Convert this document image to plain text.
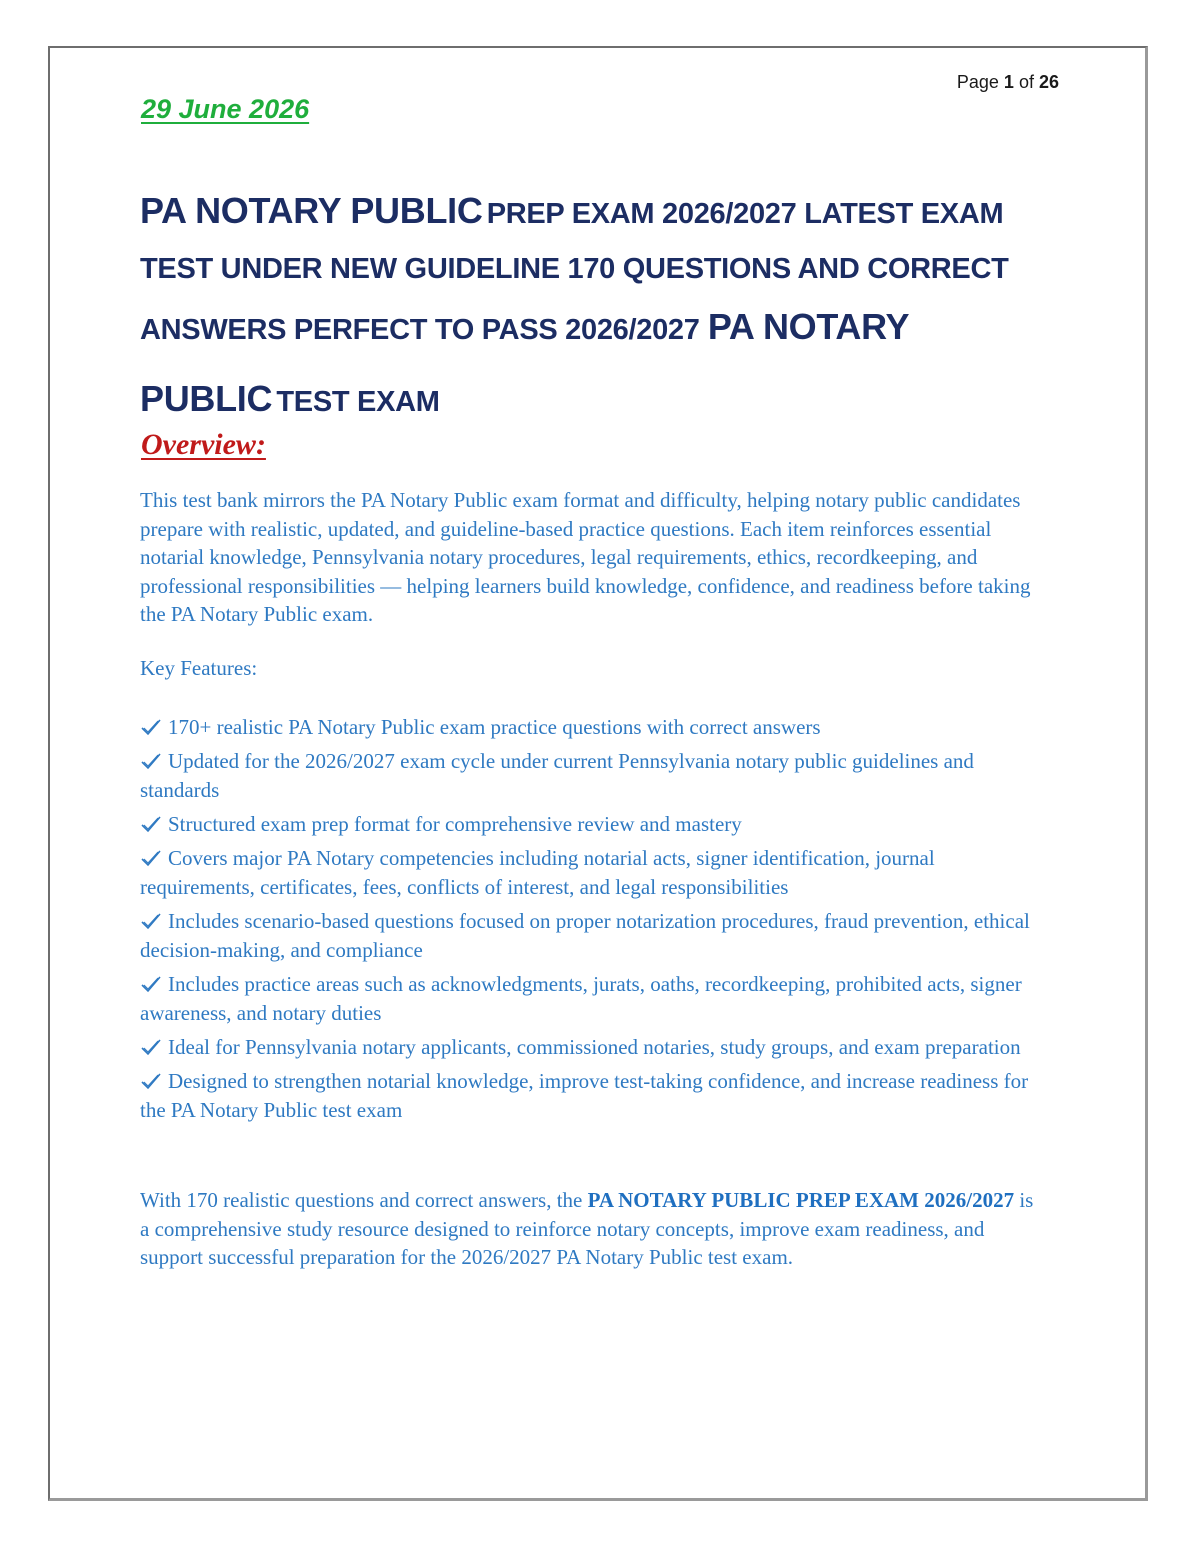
Page 1 of 26
29 June 2026
PA NOTARY PUBLIC PREP EXAM 2026/2027 LATEST EXAM
TEST UNDER NEW GUIDELINE 170 QUESTIONS AND CORRECT
ANSWERS PERFECT TO PASS 2026/2027 PA NOTARY
PUBLIC TEST EXAM
Overview:
This test bank mirrors the PA Notary Public exam format and difficulty, helping notary public candidates prepare with realistic, updated, and guideline-based practice questions. Each item reinforces essential notarial knowledge, Pennsylvania notary procedures, legal requirements, ethics, recordkeeping, and professional responsibilities — helping learners build knowledge, confidence, and readiness before taking the PA Notary Public exam.
Key Features:
170+ realistic PA Notary Public exam practice questions with correct answers
Updated for the 2026/2027 exam cycle under current Pennsylvania notary public guidelines and standards
Structured exam prep format for comprehensive review and mastery
Covers major PA Notary competencies including notarial acts, signer identification, journal requirements, certificates, fees, conflicts of interest, and legal responsibilities
Includes scenario-based questions focused on proper notarization procedures, fraud prevention, ethical decision-making, and compliance
Includes practice areas such as acknowledgments, jurats, oaths, recordkeeping, prohibited acts, signer awareness, and notary duties
Ideal for Pennsylvania notary applicants, commissioned notaries, study groups, and exam preparation
Designed to strengthen notarial knowledge, improve test-taking confidence, and increase readiness for the PA Notary Public test exam
With 170 realistic questions and correct answers, the PA NOTARY PUBLIC PREP EXAM 2026/2027 is a comprehensive study resource designed to reinforce notary concepts, improve exam readiness, and support successful preparation for the 2026/2027 PA Notary Public test exam.
